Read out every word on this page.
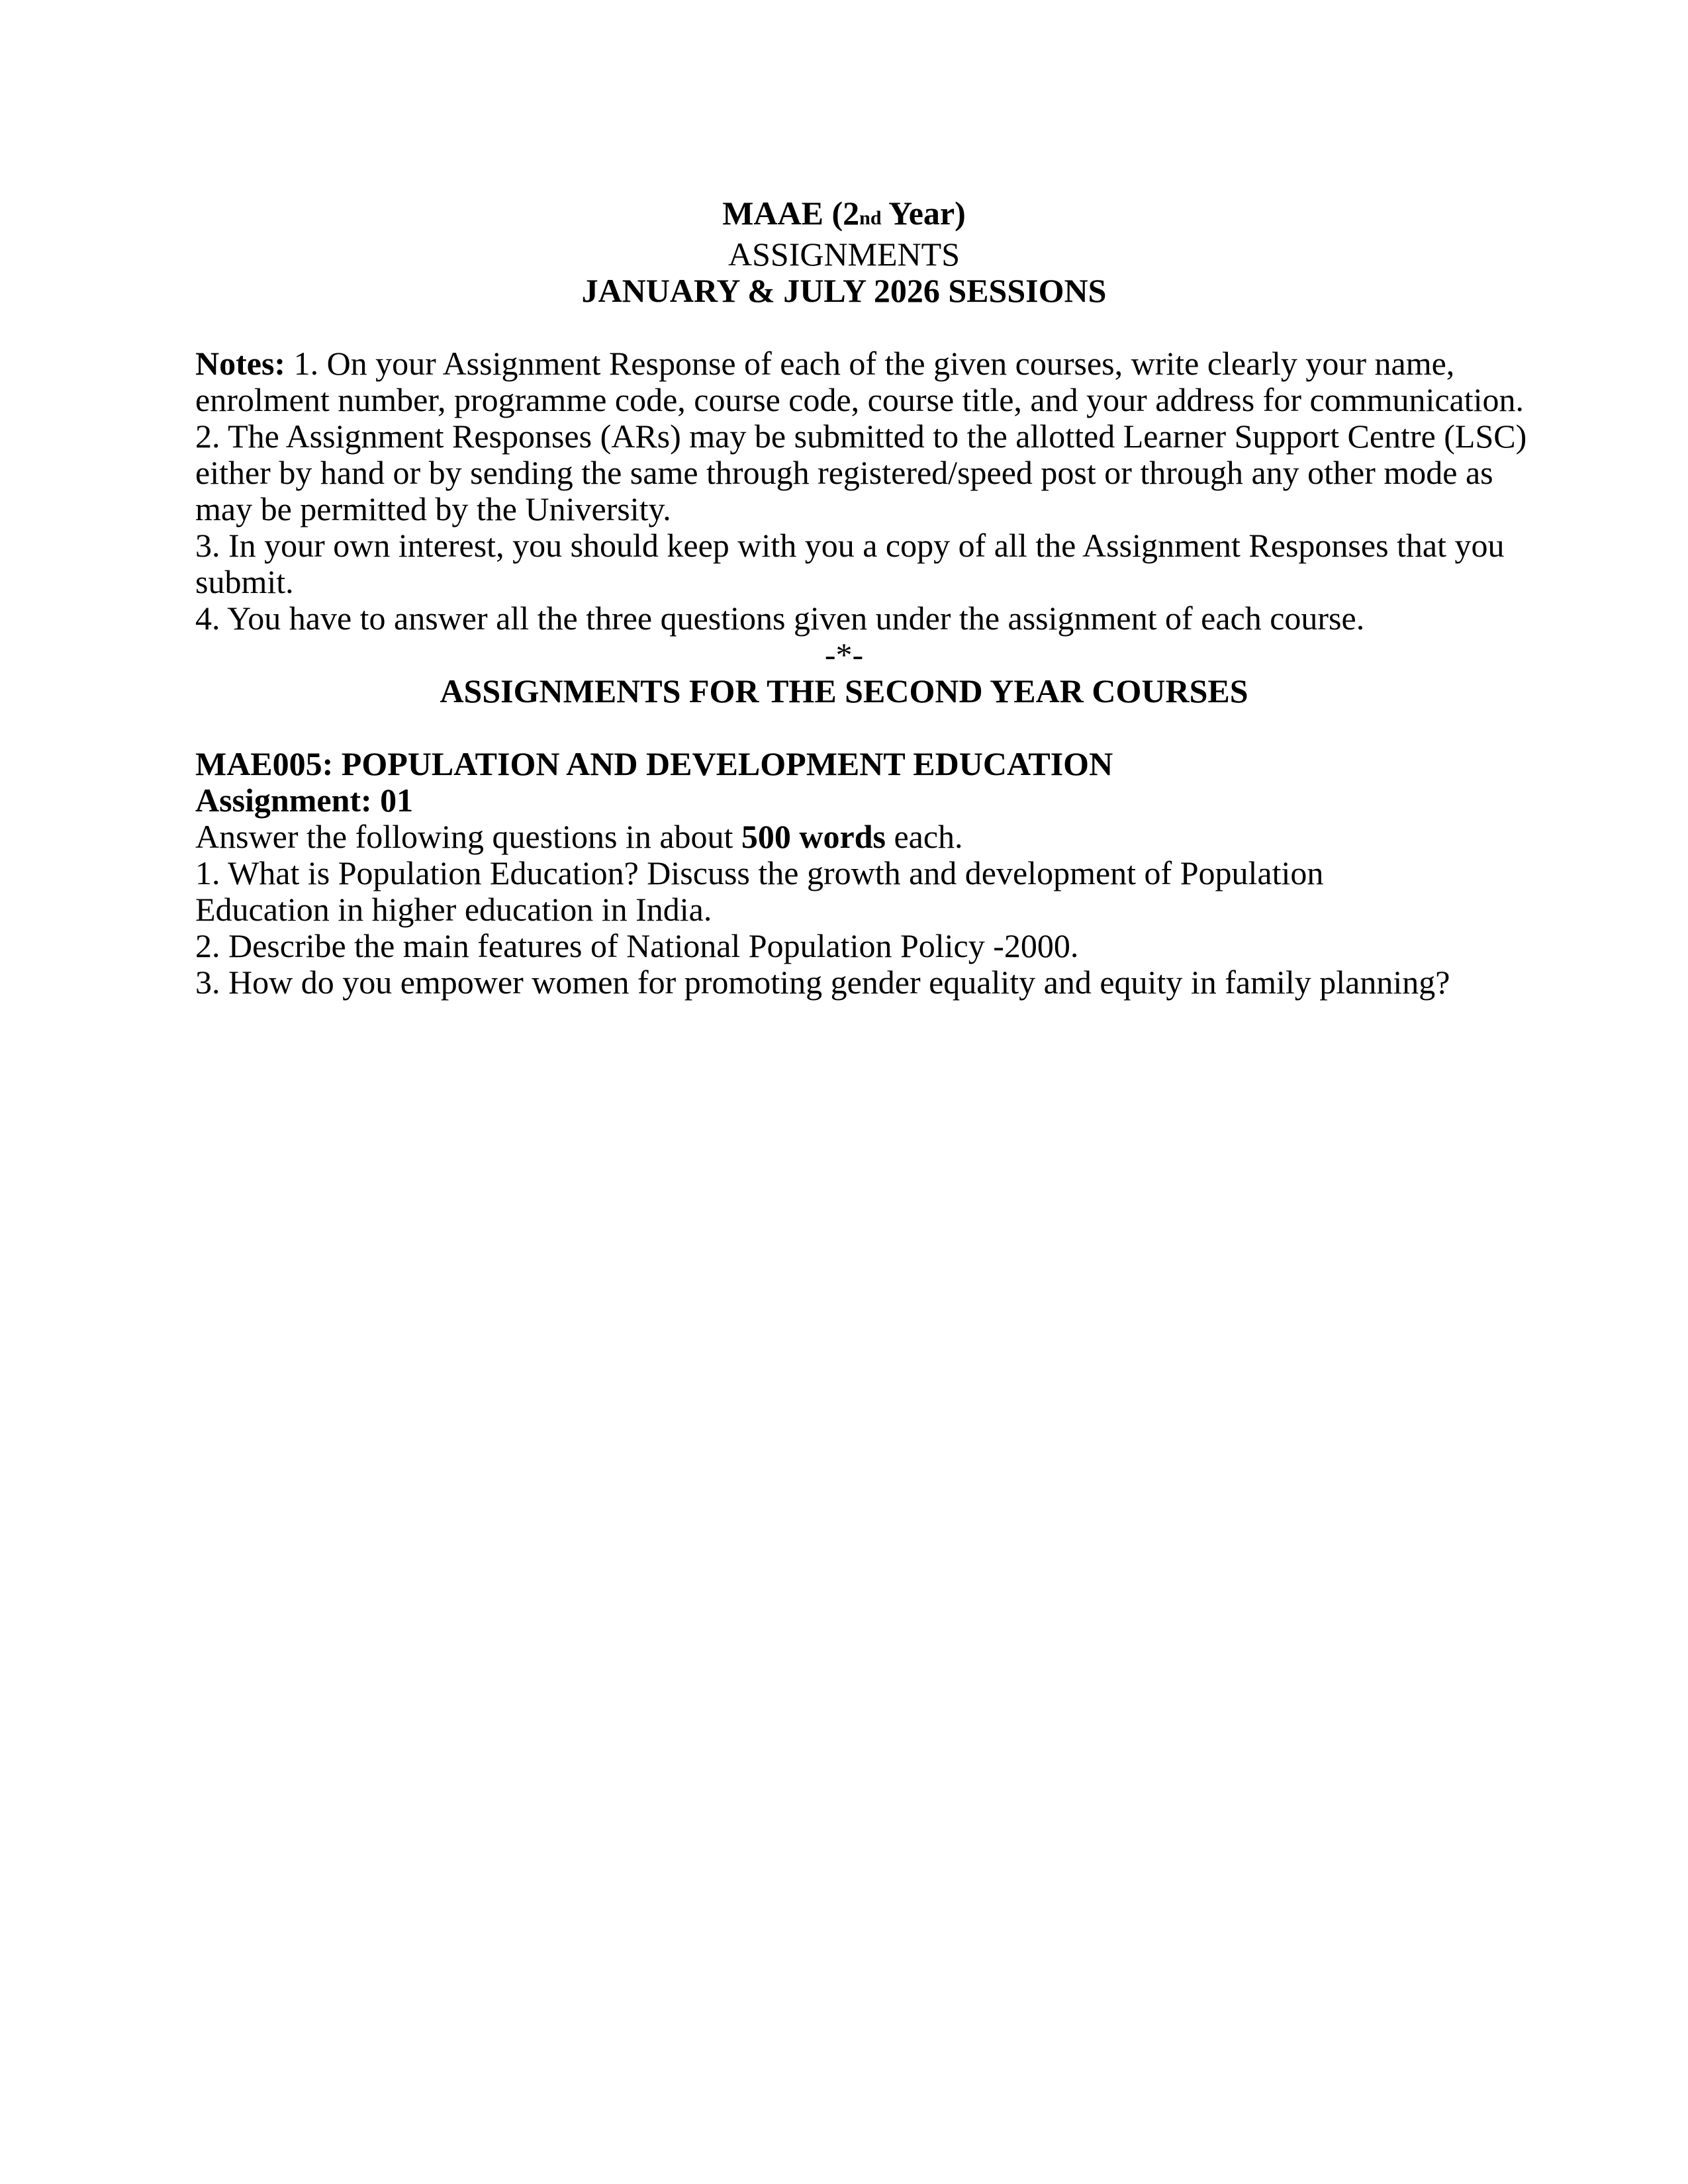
MAAE (2nd Year)
ASSIGNMENTS
JANUARY & JULY 2026 SESSIONS
Notes: 1. On your Assignment Response of each of the given courses, write clearly your name,
enrolment number, programme code, course code, course title, and your address for communication.
2. The Assignment Responses (ARs) may be submitted to the allotted Learner Support Centre (LSC)
either by hand or by sending the same through registered/speed post or through any other mode as
may be permitted by the University.
3. In your own interest, you should keep with you a copy of all the Assignment Responses that you
submit.
4. You have to answer all the three questions given under the assignment of each course.
-*-
ASSIGNMENTS FOR THE SECOND YEAR COURSES
MAE005: POPULATION AND DEVELOPMENT EDUCATION
Assignment: 01
Answer the following questions in about 500 words each.
1. What is Population Education? Discuss the growth and development of Population
Education in higher education in India.
2. Describe the main features of National Population Policy -2000.
3. How do you empower women for promoting gender equality and equity in family planning?
